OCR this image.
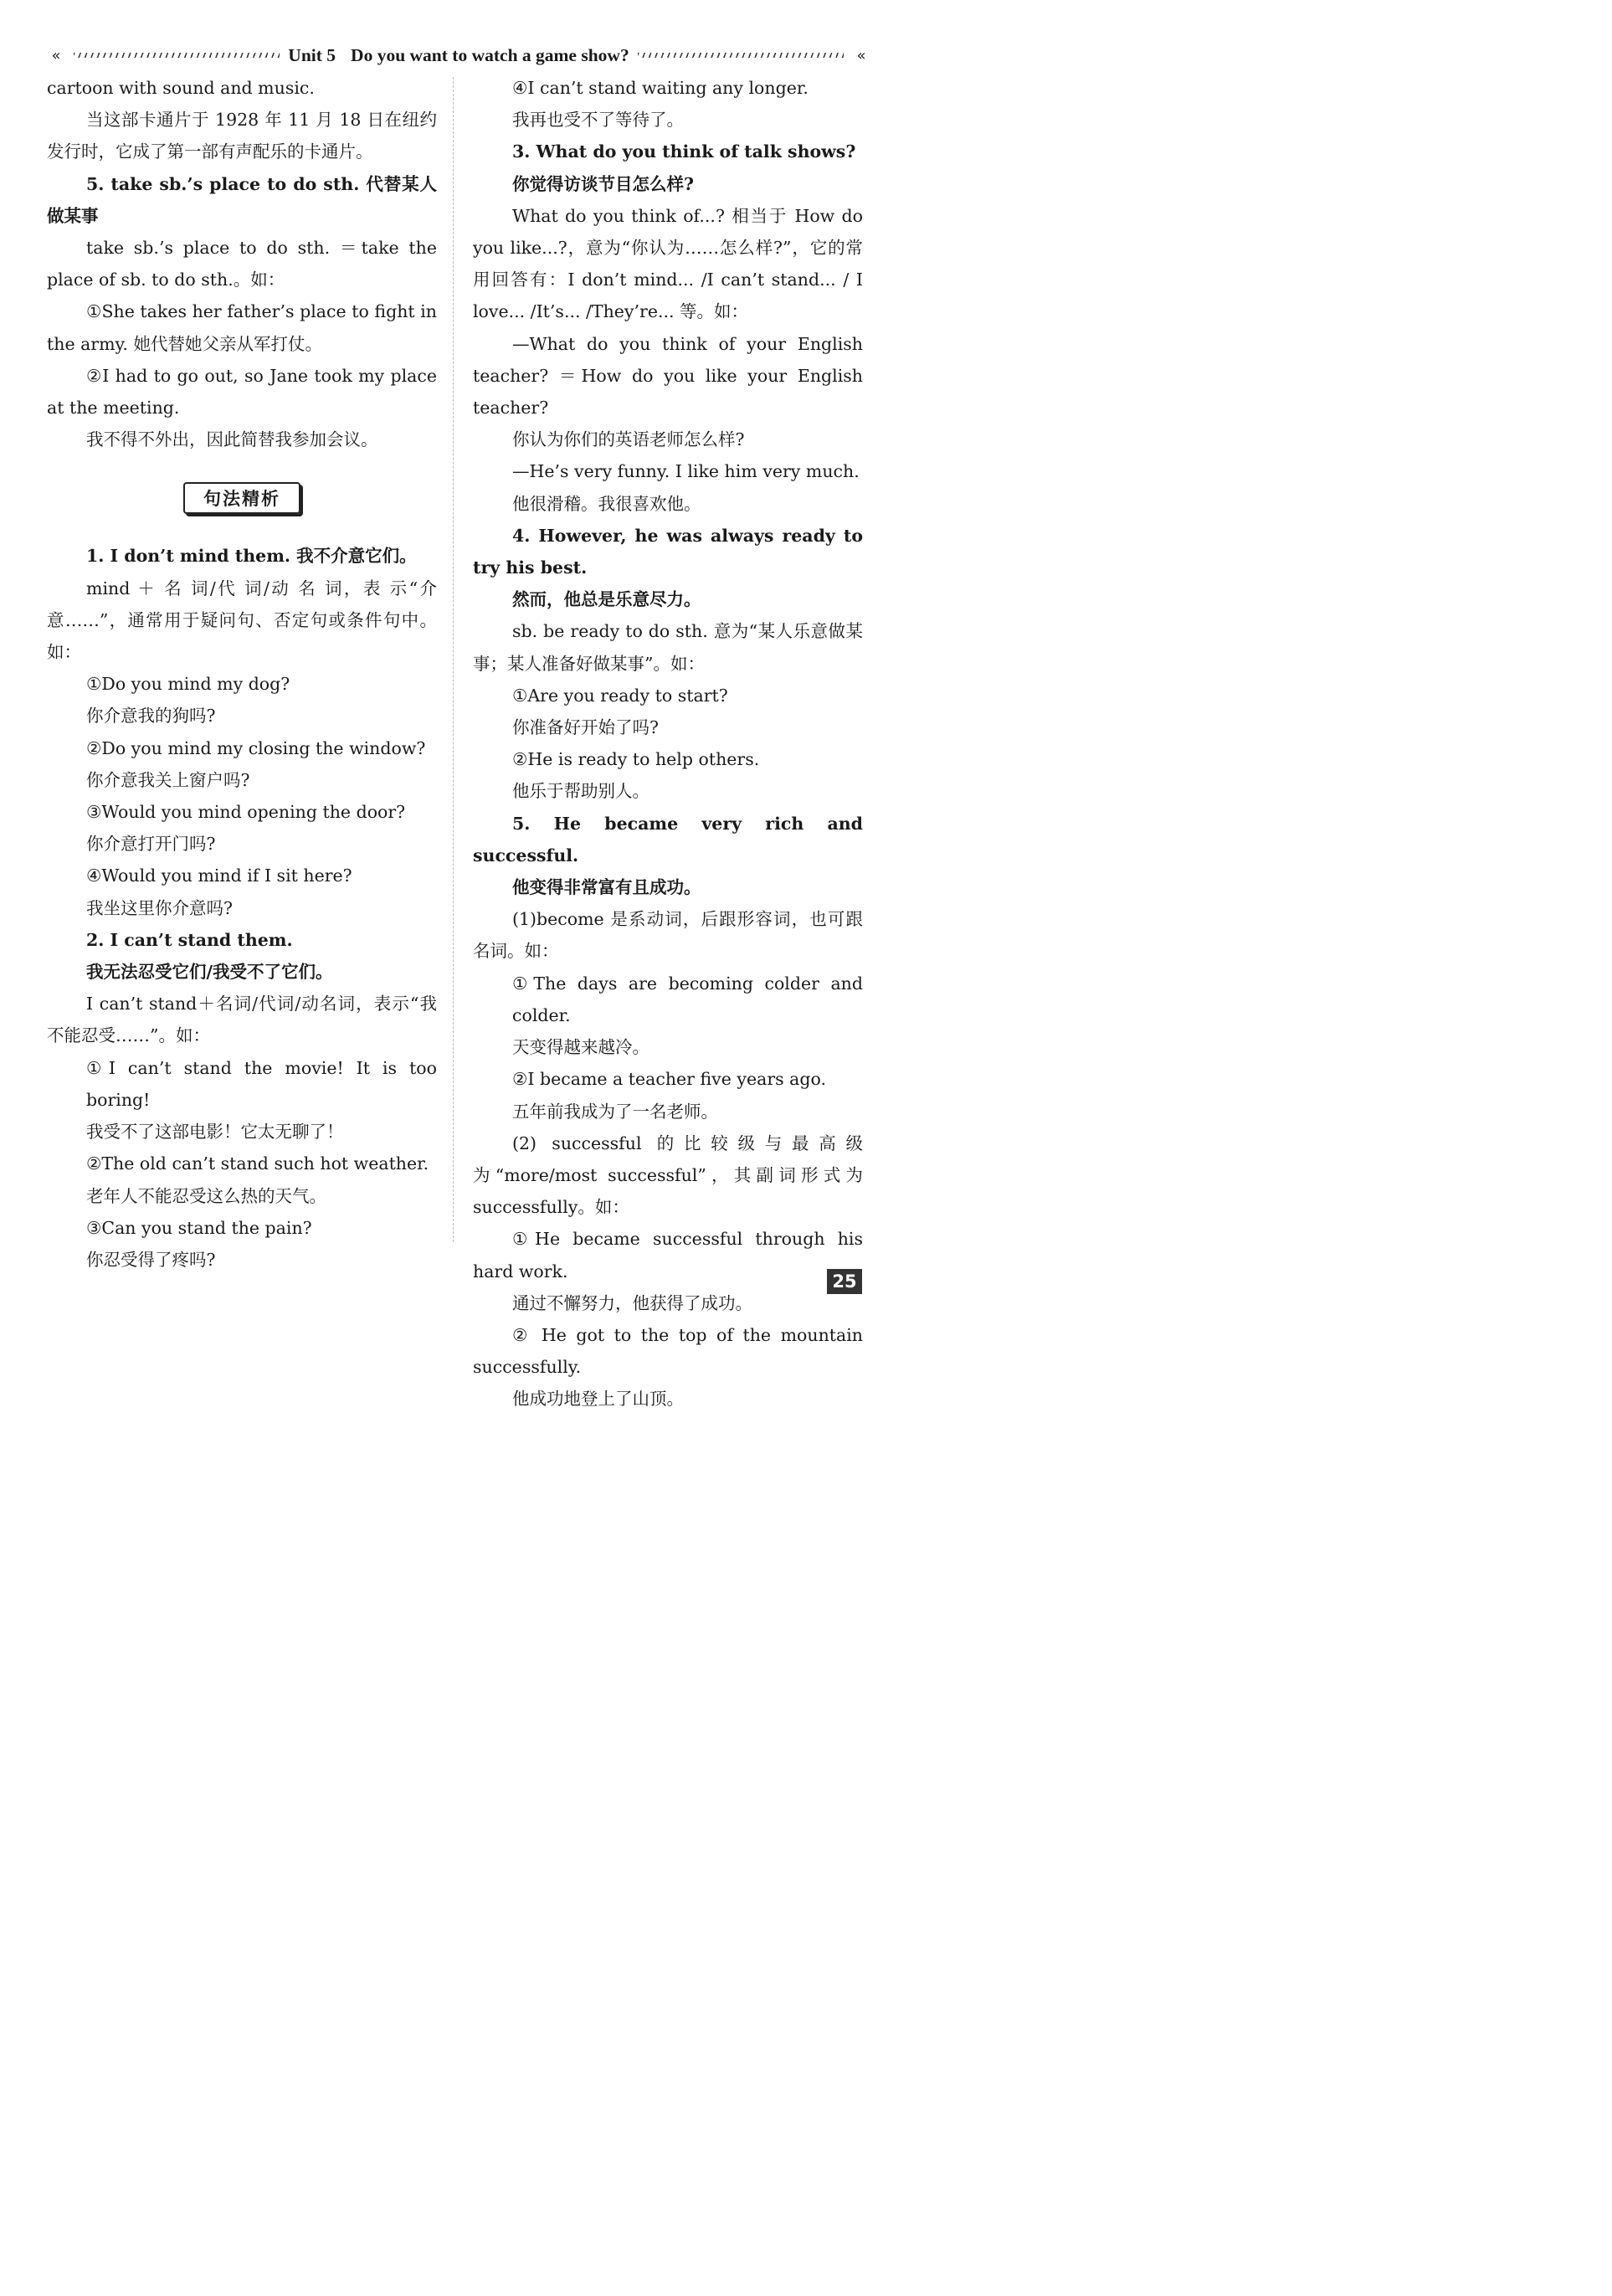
«	Unit 5 Do you want to watch a game show?	«

cartoon with sound and music.

当这部卡通片于 1928 年 11 月 18 日在纽约发行时，它成了第一部有声配乐的卡通片。

5. take sb.’s place to do sth. 代替某人做某事

take sb.’s place to do sth. ＝take the place of sb. to do sth.。如：

①She takes her father’s place to fight in the army. 她代替她父亲从军打仗。

②I had to go out, so Jane took my place at the meeting.

我不得不外出，因此简替我参加会议。

句法精析

1. I don’t mind them. 我不介意它们。

mind ＋ 名 词/代 词/动 名 词，表 示“介意……”，通常用于疑问句、否定句或条件句中。如：

①Do you mind my dog?

你介意我的狗吗?

②Do you mind my closing the window?

你介意我关上窗户吗?

③Would you mind opening the door?

你介意打开门吗?

④Would you mind if I sit here?

我坐这里你介意吗?

2. I can’t stand them.

我无法忍受它们/我受不了它们。

I can’t stand＋名词/代词/动名词，表示“我不能忍受……”。如：

①I can’t stand the movie! It is too boring!

我受不了这部电影！它太无聊了！

②The old can’t stand such hot weather.

老年人不能忍受这么热的天气。

③Can you stand the pain?

你忍受得了疼吗?

④I can’t stand waiting any longer.

我再也受不了等待了。

3. What do you think of talk shows?

你觉得访谈节目怎么样?

What do you think of...? 相当于 How do you like...?，意为“你认为……怎么样?”，它的常用回答有：I don’t mind... /I can’t stand... / I love... /It’s... /They’re... 等。如：

—What do you think of your English teacher? ＝How do you like your English teacher?

你认为你们的英语老师怎么样?

—He’s very funny. I like him very much.

他很滑稽。我很喜欢他。

4. However, he was always ready to try his best.

然而，他总是乐意尽力。

sb. be ready to do sth. 意为“某人乐意做某事；某人准备好做某事”。如：

①Are you ready to start?

你准备好开始了吗?

②He is ready to help others.

他乐于帮助别人。

5. He became very rich and successful.

他变得非常富有且成功。

(1)become 是系动词，后跟形容词，也可跟名词。如：

①The days are becoming colder and colder.

天变得越来越冷。

②I became a teacher five years ago.

五年前我成为了一名老师。

(2) successful 的比较级与最高级为“more/most successful”，其副词形式为 successfully。如：

①He became successful through his hard work.

通过不懈努力，他获得了成功。

② He got to the top of the mountain successfully.

他成功地登上了山顶。

25
